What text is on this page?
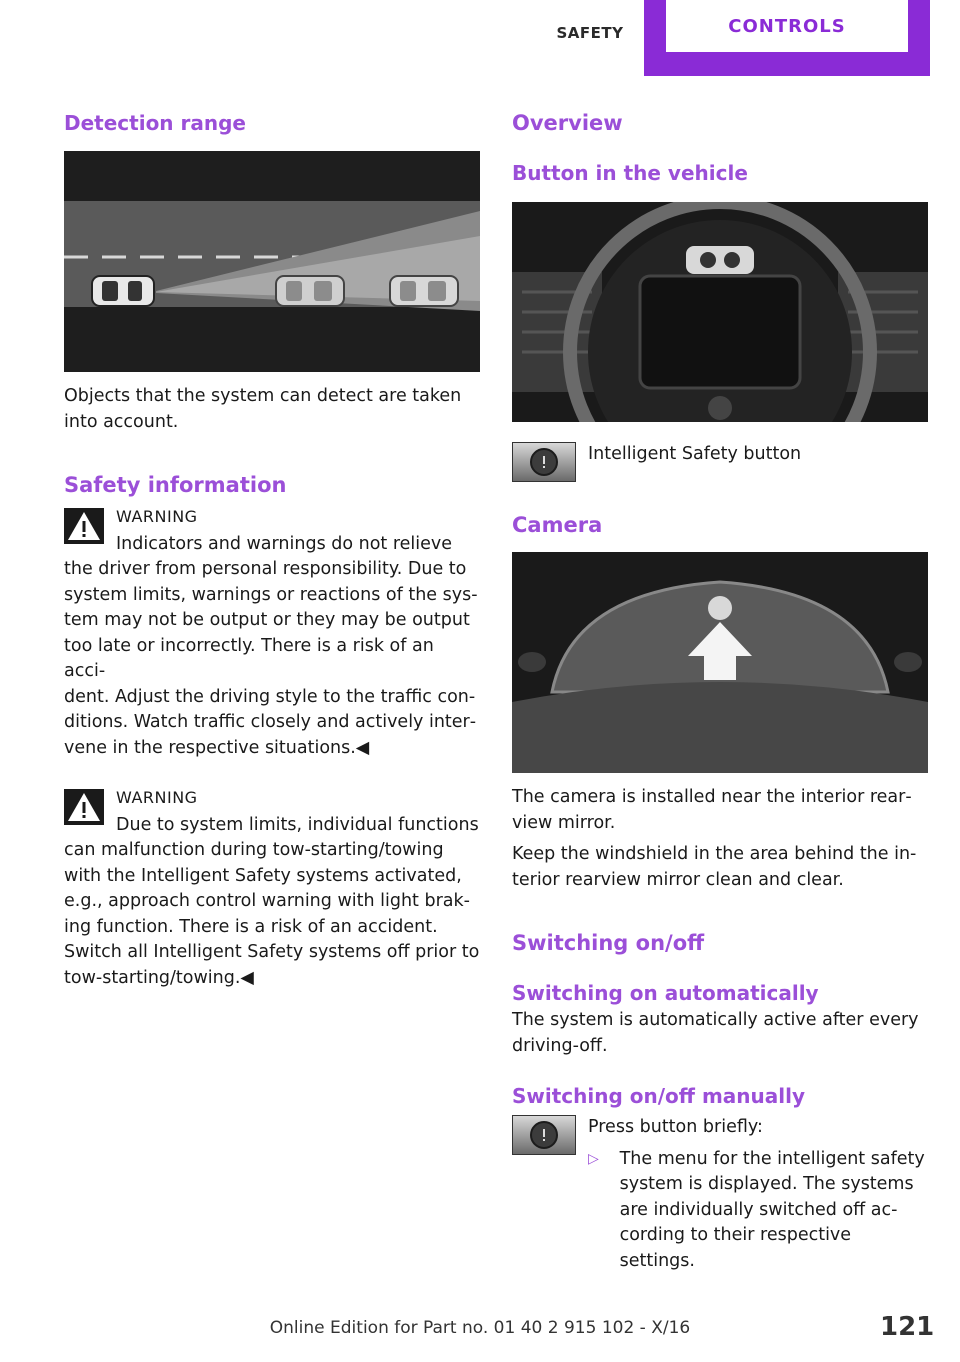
SAFETY	CONTROLS
Detection range

Objects that the system can detect are taken into account.

Safety information

WARNING

Indicators and warnings do not relieve

the driver from personal responsibility. Due to

system limits, warnings or reactions of the sys‐

tem may not be output or they may be output

too late or incorrectly. There is a risk of an acci‐

dent. Adjust the driving style to the traffic con‐

ditions. Watch traffic closely and actively inter‐

vene in the respective situations.◀

WARNING

Due to system limits, individual functions

can malfunction during tow-starting/towing

with the Intelligent Safety systems activated,

e.g., approach control warning with light brak‐

ing function. There is a risk of an accident.

Switch all Intelligent Safety systems off prior to

tow-starting/towing.◀

Overview
Button in the vehicle

Intelligent Safety button

Camera

The camera is installed near the interior rear‐

view mirror.

Keep the windshield in the area behind the in‐

terior rearview mirror clean and clear.

Switching on/off
Switching on automatically

The system is automatically active after every

driving-off.

Switching on/off manually

Press button briefly:

▷	The menu for the intelligent safety

system is displayed. The systems

are individually switched off ac‐

cording to their respective settings.

Online Edition for Part no. 01 40 2 915 102 - X/16	121
